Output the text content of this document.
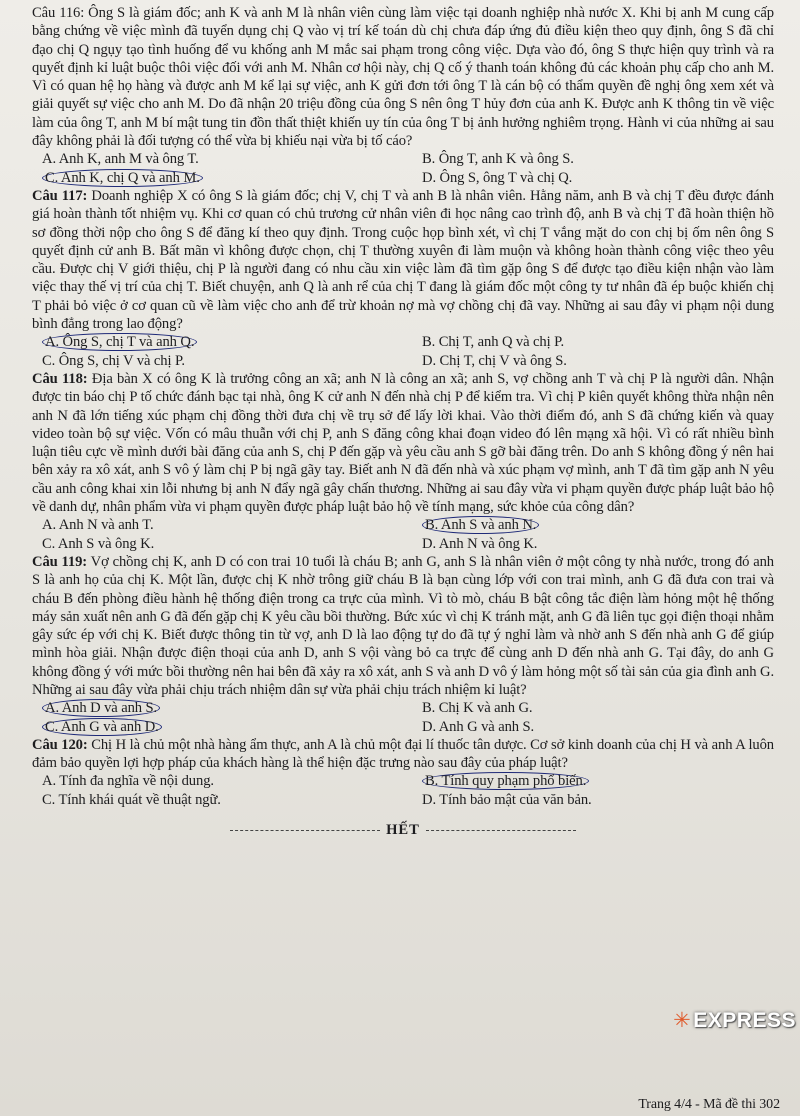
Câu 116: Ông S là giám đốc; anh K và anh M là nhân viên cùng làm việc tại doanh nghiệp nhà nước X. Khi bị anh M cung cấp bằng chứng về việc mình đã tuyển dụng chị Q vào vị trí kế toán dù chị chưa đáp ứng đủ điều kiện theo quy định, ông S đã chỉ đạo chị Q ngụy tạo tình huống để vu khống anh M mắc sai phạm trong công việc. Dựa vào đó, ông S thực hiện quy trình và ra quyết định kỉ luật buộc thôi việc đối với anh M. Nhân cơ hội này, chị Q cố ý thanh toán không đủ các khoản phụ cấp cho anh M. Vì có quan hệ họ hàng và được anh M kể lại sự việc, anh K gửi đơn tới ông T là cán bộ có thẩm quyền đề nghị ông xem xét và giải quyết sự việc cho anh M. Do đã nhận 20 triệu đồng của ông S nên ông T hủy đơn của anh K. Được anh K thông tin về việc làm của ông T, anh M bí mật tung tin đồn thất thiệt khiến uy tín của ông T bị ảnh hưởng nghiêm trọng. Hành vi của những ai sau đây không phải là đối tượng có thể vừa bị khiếu nại vừa bị tố cáo?

A. Anh K, anh M và ông T.	B. Ông T, anh K và ông S.
C. Anh K, chị Q và anh M.	D. Ông S, ông T và chị Q.

Câu 117: Doanh nghiệp X có ông S là giám đốc; chị V, chị T và anh B là nhân viên. Hằng năm, anh B và chị T đều được đánh giá hoàn thành tốt nhiệm vụ. Khi cơ quan có chủ trương cử nhân viên đi học nâng cao trình độ, anh B và chị T đã hoàn thiện hồ sơ đồng thời nộp cho ông S để đăng kí theo quy định. Trong cuộc họp bình xét, vì chị T vắng mặt do con chị bị ốm nên ông S quyết định cử anh B. Bất mãn vì không được chọn, chị T thường xuyên đi làm muộn và không hoàn thành công việc theo yêu cầu. Được chị V giới thiệu, chị P là người đang có nhu cầu xin việc làm đã tìm gặp ông S để được tạo điều kiện nhận vào làm việc thay thế vị trí của chị T. Biết chuyện, anh Q là anh rể của chị T đang là giám đốc một công ty tư nhân đã ép buộc khiến chị T phải bỏ việc ở cơ quan cũ về làm việc cho anh để trừ khoản nợ mà vợ chồng chị đã vay. Những ai sau đây vi phạm nội dung bình đẳng trong lao động?

A. Ông S, chị T và anh Q.	B. Chị T, anh Q và chị P.
C. Ông S, chị V và chị P.	D. Chị T, chị V và ông S.

Câu 118: Địa bàn X có ông K là trưởng công an xã; anh N là công an xã; anh S, vợ chồng anh T và chị P là người dân. Nhận được tin báo chị P tố chức đánh bạc tại nhà, ông K cử anh N đến nhà chị P để kiểm tra. Vì chị P kiên quyết không thừa nhận nên anh N đã lớn tiếng xúc phạm chị đồng thời đưa chị về trụ sở để lấy lời khai. Vào thời điểm đó, anh S đã chứng kiến và quay video toàn bộ sự việc. Vốn có mâu thuẫn với chị P, anh S đăng công khai đoạn video đó lên mạng xã hội. Vì có rất nhiều bình luận tiêu cực về mình dưới bài đăng của anh S, chị P đến gặp và yêu cầu anh S gỡ bài đăng trên. Do anh S không đồng ý nên hai bên xảy ra xô xát, anh S vô ý làm chị P bị ngã gãy tay. Biết anh N đã đến nhà và xúc phạm vợ mình, anh T đã tìm gặp anh N yêu cầu anh công khai xin lỗi nhưng bị anh N đẩy ngã gây chấn thương. Những ai sau đây vừa vi phạm quyền được pháp luật bảo hộ về danh dự, nhân phẩm vừa vi phạm quyền được pháp luật bảo hộ về tính mạng, sức khỏe của công dân?

A. Anh N và anh T.	B. Anh S và anh N.
C. Anh S và ông K.	D. Anh N và ông K.

Câu 119: Vợ chồng chị K, anh D có con trai 10 tuổi là cháu B; anh G, anh S là nhân viên ở một công ty nhà nước, trong đó anh S là anh họ của chị K. Một lần, được chị K nhờ trông giữ cháu B là bạn cùng lớp với con trai mình, anh G đã đưa con trai và cháu B đến phòng điều hành hệ thống điện trong ca trực của mình. Vì tò mò, cháu B bật công tắc điện làm hỏng một hệ thống máy sản xuất nên anh G đã đến gặp chị K yêu cầu bồi thường. Bức xúc vì chị K tránh mặt, anh G đã liên tục gọi điện thoại nhằm gây sức ép với chị K. Biết được thông tin từ vợ, anh D là lao động tự do đã tự ý nghỉ làm và nhờ anh S đến nhà anh G để giúp mình hòa giải. Nhận được điện thoại của anh D, anh S vội vàng bỏ ca trực để cùng anh D đến nhà anh G. Tại đây, do anh G không đồng ý với mức bồi thường nên hai bên đã xảy ra xô xát, anh S và anh D vô ý làm hỏng một số tài sản của gia đình anh G. Những ai sau đây vừa phải chịu trách nhiệm dân sự vừa phải chịu trách nhiệm kỉ luật?

A. Anh D và anh S.	B. Chị K và anh G.
C. Anh G và anh D.	D. Anh G và anh S.

Câu 120: Chị H là chủ một nhà hàng ẩm thực, anh A là chủ một đại lí thuốc tân dược. Cơ sở kinh doanh của chị H và anh A luôn đảm bảo quyền lợi hợp pháp của khách hàng là thể hiện đặc trưng nào sau đây của pháp luật?

A. Tính đa nghĩa về nội dung.	B. Tính quy phạm phổ biến.
C. Tính khái quát về thuật ngữ.	D. Tính bảo mật của văn bản.
HẾT
✳EXPRESS
Trang 4/4 - Mã đề thi 302
